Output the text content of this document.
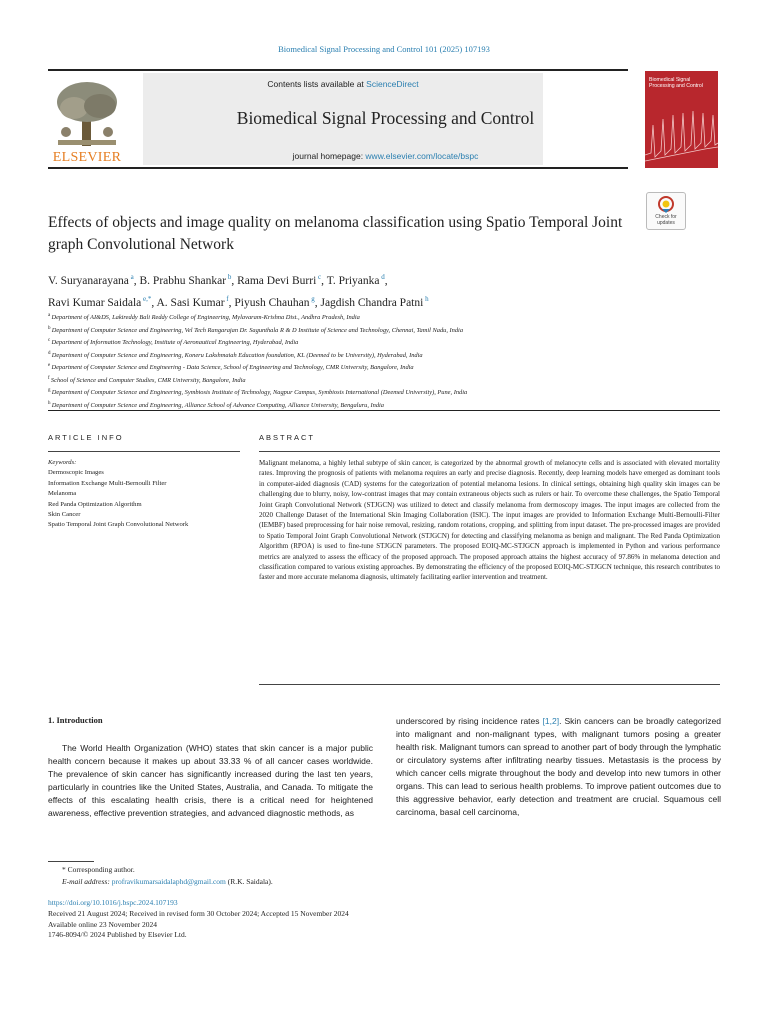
Biomedical Signal Processing and Control 101 (2025) 107193
ELSEVIER
Contents lists available at ScienceDirect
Biomedical Signal Processing and Control
journal homepage: www.elsevier.com/locate/bspc
Biomedical Signal Processing and Control
Check for updates
Effects of objects and image quality on melanoma classification using Spatio Temporal Joint graph Convolutional Network
V. Suryanarayana $^a$, B. Prabhu Shankar $^b$, Rama Devi Burri $^c$, T. Priyanka $^d$,
Ravi Kumar Saidala $^{e,*}$, A. Sasi Kumar $^f$, Piyush Chauhan $^g$, Jagdish Chandra Patni $^h$
$^a$ Department of AI&DS, Lakireddy Bali Reddy College of Engineering, Mylavaram-Krishna Dist., Andhra Pradesh, India
$^b$ Department of Computer Science and Engineering, Vel Tech Rangarajan Dr. Sagunthala R & D Institute of Science and Technology, Chennai, Tamil Nadu, India
$^c$ Department of Information Technology, Institute of Aeronautical Engineering, Hyderabad, India
$^d$ Department of Computer Science and Engineering, Koneru Lakshmaiah Education foundation, KL (Deemed to be University), Hyderabad, India
$^e$ Department of Computer Science and Engineering - Data Science, School of Engineering and Technology, CMR University, Bangalore, India
$^f$ School of Science and Computer Studies, CMR University, Bangalore, India
$^g$ Department of Computer Science and Engineering, Symbiosis Institute of Technology, Nagpur Campus, Symbiosis International (Deemed University), Pune, India
$^h$ Department of Computer Science and Engineering, Alliance School of Advance Computing, Alliance University, Bengaluru, India
ARTICLE INFO
Keywords:
Dermoscopic Images
Information Exchange Multi-Bernoulli Filter
Melanoma
Red Panda Optimization Algorithm
Skin Cancer
Spatio Temporal Joint Graph Convolutional Network
ABSTRACT
Malignant melanoma, a highly lethal subtype of skin cancer, is categorized by the abnormal growth of melanocyte cells and is associated with elevated mortality rates. Improving the prognosis of patients with melanoma requires an early and precise diagnosis. Recently, deep learning models have emerged as dominant tools in computer-aided diagnosis (CAD) systems for the categorization of potential melanoma lesions. In clinical settings, obtaining high quality skin images can be challenging due to blurry, noisy, low-contrast images that may contain extraneous objects such as rulers or hair. To overcome these challenges, the Spatio Temporal Joint Graph Convolutional Network (STJGCN) was utilized to detect and classify melanoma from dermoscopy images. The input images are collected from the 2020 Challenge Dataset of the International Skin Imaging Collaboration (ISIC). The input images are provided to Information Exchange Multi-Bernoulli-Filter (IEMBF) based preprocessing for hair noise removal, resizing, random rotations, cropping, and splitting from input dataset. The pre-processed images are provided to Spatio Temporal Joint Graph Convolutional Network (STJGCN) for detecting and classifying melanoma as benign and malignant. The Red Panda Optimization Algorithm (RPOA) is used to fine-tune STJGCN parameters. The proposed EOIQ-MC-STJGCN approach is implemented in Python and various performance metrics are analyzed to assess the efficacy of the proposed approach. The proposed approach attains the highest accuracy of 97.86% in melanoma detection and classification compared to various existing approaches. By demonstrating the efficiency of the proposed EOIQ-MC-STJGCN technique, this research contributes to faster and more accurate melanoma diagnosis, ultimately facilitating earlier intervention and treatment.
1. Introduction
The World Health Organization (WHO) states that skin cancer is a major public health concern because it makes up about 33.33 % of all cancer cases worldwide. The prevalence of skin cancer has significantly increased during the last ten years, particularly in countries like the United States, Australia, and Canada. To mitigate the effects of this escalating health crisis, there is a critical need for heightened awareness, effective prevention strategies, and advanced diagnostic methods, as
underscored by rising incidence rates [1,2]. Skin cancers can be broadly categorized into malignant and non-malignant types, with malignant tumors posing a greater health risk. Malignant tumors can spread to another part of body through the lymphatic or circulatory systems after infiltrating nearby tissues. Metastasis is the process by which cancer cells migrate throughout the body and develop into new tumors in other organs. This can lead to serious health problems. To improve patient outcomes due to this aggressive behavior, early detection and treatment are crucial. Squamous cell carcinoma, basal cell carcinoma,
* Corresponding author.
E-mail address: profravikumarsaidalaphd@gmail.com (R.K. Saidala).
https://doi.org/10.1016/j.bspc.2024.107193
Received 21 August 2024; Received in revised form 30 October 2024; Accepted 15 November 2024
Available online 23 November 2024
1746-8094/© 2024 Published by Elsevier Ltd.
